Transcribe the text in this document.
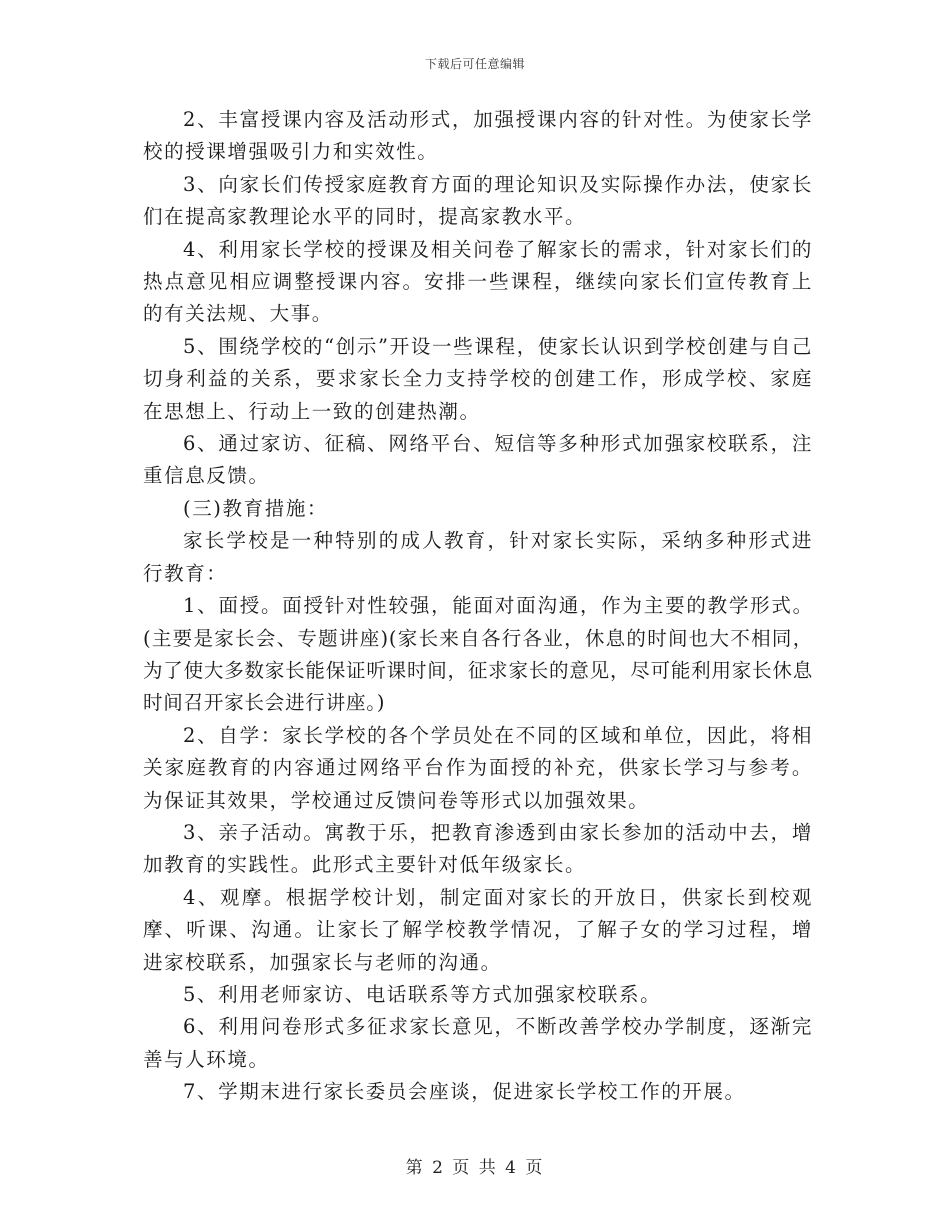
下载后可任意编辑

2、丰富授课内容及活动形式，加强授课内容的针对性。为使家长学校的授课增强吸引力和实效性。

3、向家长们传授家庭教育方面的理论知识及实际操作办法，使家长们在提高家教理论水平的同时，提高家教水平。

4、利用家长学校的授课及相关问卷了解家长的需求，针对家长们的热点意见相应调整授课内容。安排一些课程，继续向家长们宣传教育上的有关法规、大事。

5、围绕学校的“创示”开设一些课程，使家长认识到学校创建与自己切身利益的关系，要求家长全力支持学校的创建工作，形成学校、家庭在思想上、行动上一致的创建热潮。

6、通过家访、征稿、网络平台、短信等多种形式加强家校联系，注重信息反馈。

(三)教育措施：

家长学校是一种特别的成人教育，针对家长实际，采纳多种形式进行教育：

1、面授。面授针对性较强，能面对面沟通，作为主要的教学形式。(主要是家长会、专题讲座)(家长来自各行各业，休息的时间也大不相同，为了使大多数家长能保证听课时间，征求家长的意见，尽可能利用家长休息时间召开家长会进行讲座。)

2、自学：家长学校的各个学员处在不同的区域和单位，因此，将相关家庭教育的内容通过网络平台作为面授的补充，供家长学习与参考。为保证其效果，学校通过反馈问卷等形式以加强效果。

3、亲子活动。寓教于乐，把教育渗透到由家长参加的活动中去，增加教育的实践性。此形式主要针对低年级家长。

4、观摩。根据学校计划，制定面对家长的开放日，供家长到校观摩、听课、沟通。让家长了解学校教学情况，了解子女的学习过程，增进家校联系，加强家长与老师的沟通。

5、利用老师家访、电话联系等方式加强家校联系。

6、利用问卷形式多征求家长意见，不断改善学校办学制度，逐渐完善与人环境。

7、学期末进行家长委员会座谈，促进家长学校工作的开展。

第 2 页 共 4 页
